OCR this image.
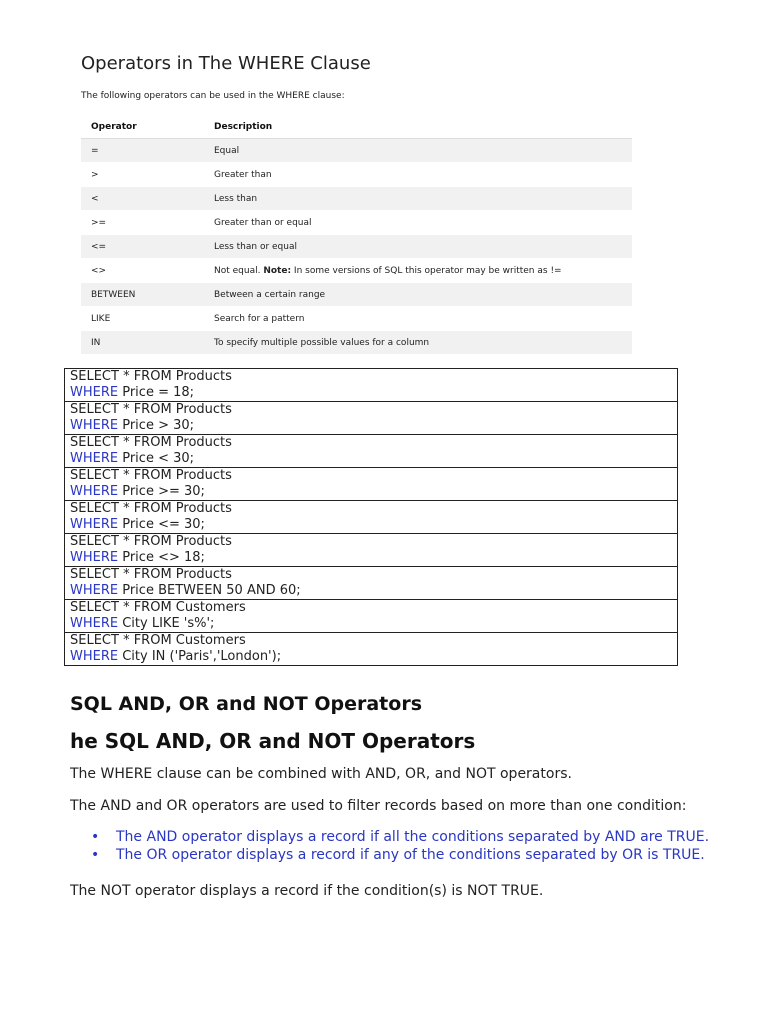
Operators in The WHERE Clause

The following operators can be used in the WHERE clause:

Operator	Description
=	Equal
>	Greater than
<	Less than
>=	Greater than or equal
<=	Less than or equal
<>	Not equal. Note: In some versions of SQL this operator may be written as !=
BETWEEN	Between a certain range
LIKE	Search for a pattern
IN	To specify multiple possible values for a column
SELECT * FROM Products
WHERE Price = 18;
SELECT * FROM Products
WHERE Price > 30;
SELECT * FROM Products
WHERE Price < 30;
SELECT * FROM Products
WHERE Price >= 30;
SELECT * FROM Products
WHERE Price <= 30;
SELECT * FROM Products
WHERE Price <> 18;
SELECT * FROM Products
WHERE Price BETWEEN 50 AND 60;
SELECT * FROM Customers
WHERE City LIKE 's%';
SELECT * FROM Customers
WHERE City IN ('Paris','London');
SQL AND, OR and NOT Operators
he SQL AND, OR and NOT Operators

The WHERE clause can be combined with AND, OR, and NOT operators.

The AND and OR operators are used to filter records based on more than one condition:

• The AND operator displays a record if all the conditions separated by AND are TRUE.
• The OR operator displays a record if any of the conditions separated by OR is TRUE.

The NOT operator displays a record if the condition(s) is NOT TRUE.
